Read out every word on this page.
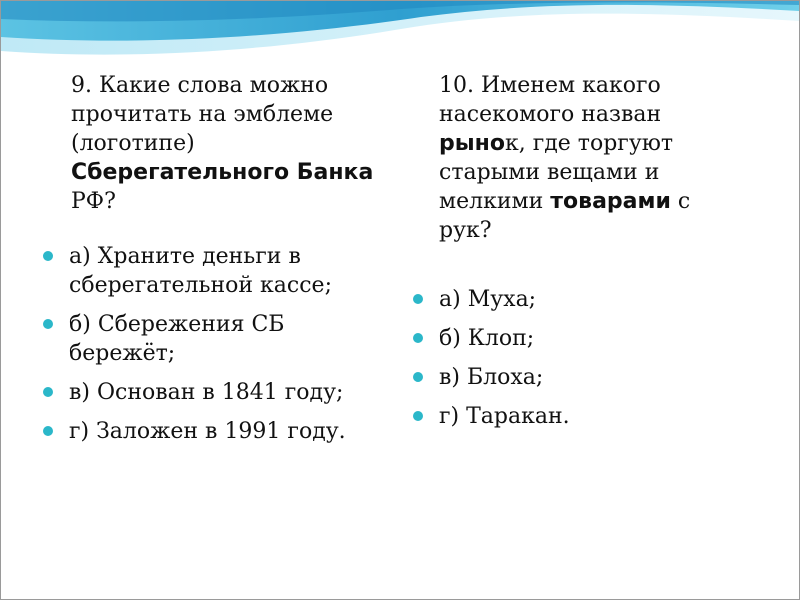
9. Какие слова можно
прочитать на эмблеме
(логотипе)
Сберегательного Банка
РФ?
а) Храните деньги в сберегательной кассе;
б) Сбережения СБ бережёт;
в) Основан в 1841 году;
г) Заложен в 1991 году.
10. Именем какого
насекомого назван
рынок, где торгуют
старыми вещами и
мелкими товарами с
рук?
а) Муха;
б) Клоп;
в) Блоха;
г) Таракан.
